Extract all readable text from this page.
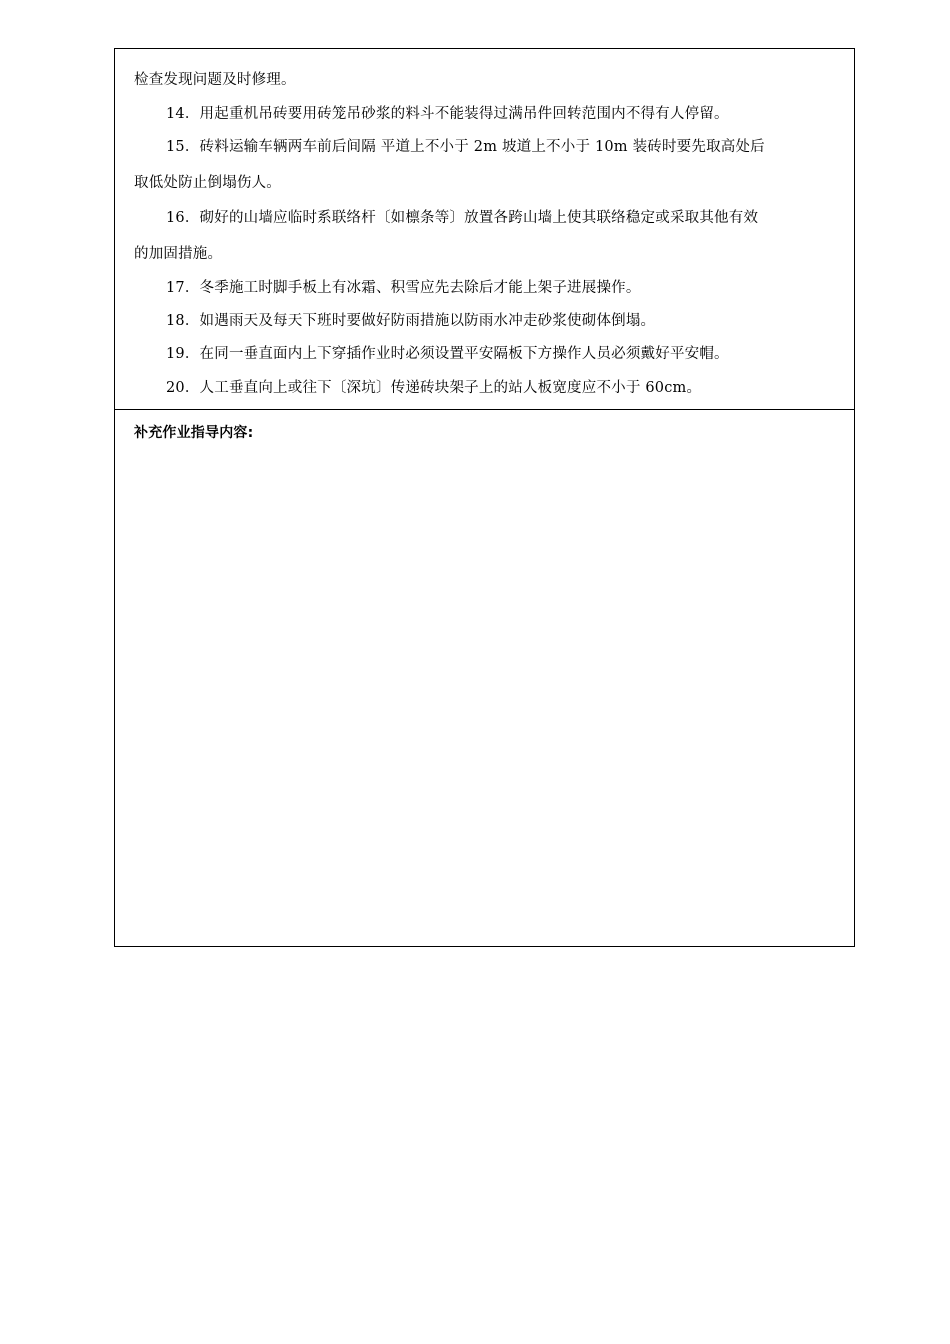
检查发现问题及时修理。
14．用起重机吊砖要用砖笼吊砂浆的料斗不能装得过满吊件回转范围内不得有人停留。
15．砖料运输车辆两车前后间隔 平道上不小于 2m 坡道上不小于 10m 装砖时要先取高处后
取低处防止倒塌伤人。
16．砌好的山墙应临时系联络杆〔如檩条等〕放置各跨山墙上使其联络稳定或采取其他有效
的加固措施。
17．冬季施工时脚手板上有冰霜、积雪应先去除后才能上架子进展操作。
18．如遇雨天及每天下班时要做好防雨措施以防雨水冲走砂浆使砌体倒塌。
19．在同一垂直面内上下穿插作业时必须设置平安隔板下方操作人员必须戴好平安帽。
20．人工垂直向上或往下〔深坑〕传递砖块架子上的站人板宽度应不小于 60cm。
补充作业指导内容:
